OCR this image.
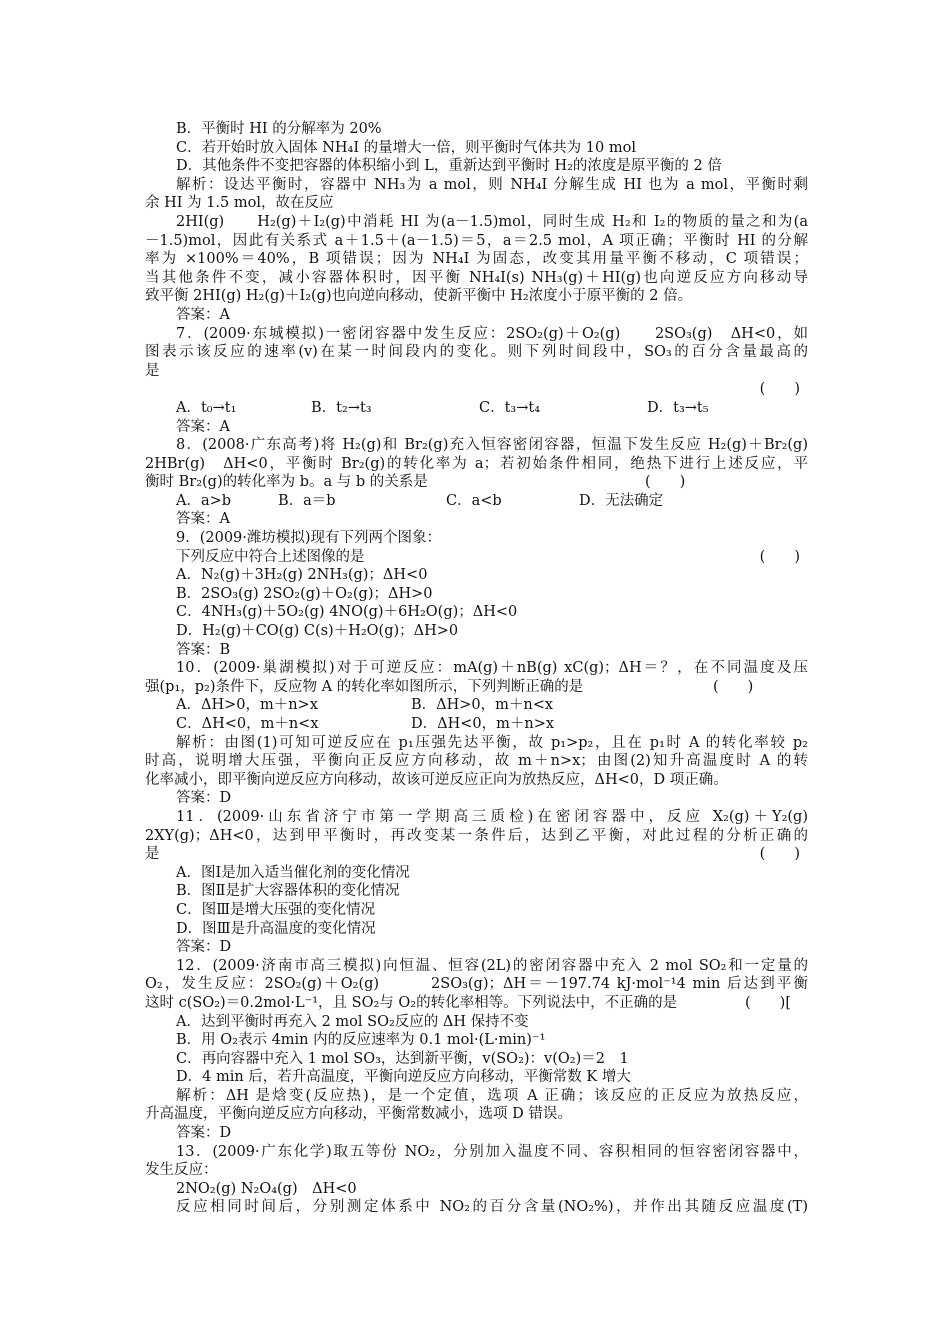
B．平衡时 HI 的分解率为 20%
C．若开始时放入固体 NH₄I 的量增大一倍，则平衡时气体共为 10 mol
D．其他条件不变把容器的体积缩小到 L，重新达到平衡时 H₂的浓度是原平衡的 2 倍
解析：设达平衡时，容器中 NH₃为 a mol，则 NH₄I 分解生成 HI 也为 a mol，平衡时剩
余 HI 为 1.5 mol，故在反应
2HI(g)　　H₂(g)＋I₂(g)中消耗 HI 为(a－1.5)mol，同时生成 H₂和 I₂的物质的量之和为(a
－1.5)mol，因此有关系式 a＋1.5＋(a－1.5)＝5，a＝2.5 mol，A 项正确；平衡时 HI 的分解
率为 ×100%＝40%，B 项错误；因为 NH₄I 为固态，改变其用量平衡不移动，C 项错误；
当其他条件不变，减小容器体积时，因平衡 NH₄I(s) NH₃(g)＋HI(g)也向逆反应方向移动导
致平衡 2HI(g) H₂(g)＋I₂(g)也向逆向移动，使新平衡中 H₂浓度小于原平衡的 2 倍。
答案：A
7．(2009·东城模拟)一密闭容器中发生反应：2SO₂(g)＋O₂(g)　　2SO₃(g)　ΔH<0，如
图表示该反应的速率(v)在某一时间段内的变化。则下列时间段中，SO₃的百分含量最高的
是
(　　)
A．t₀→t₁	B．t₂→t₃	C．t₃→t₄	D．t₃→t₅
答案：A
8．(2008·广东高考)将 H₂(g)和 Br₂(g)充入恒容密闭容器，恒温下发生反应 H₂(g)＋Br₂(g)
2HBr(g)　ΔH<0，平衡时 Br₂(g)的转化率为 a；若初始条件相同，绝热下进行上述反应，平
衡时 Br₂(g)的转化率为 b。a 与 b 的关系是	(　　)
A．a>b	B．a＝b	C．a<b	D．无法确定
答案：A
9．(2009·潍坊模拟)现有下列两个图象：
下列反应中符合上述图像的是	(　　)
A．N₂(g)＋3H₂(g) 2NH₃(g)；ΔH<0
B．2SO₃(g) 2SO₂(g)＋O₂(g)；ΔH>0
C．4NH₃(g)＋5O₂(g) 4NO(g)＋6H₂O(g)；ΔH<0
D．H₂(g)＋CO(g) C(s)＋H₂O(g)；ΔH>0
答案：B
10．(2009·巢湖模拟)对于可逆反应：mA(g)＋nB(g) xC(g)；ΔH＝？，在不同温度及压
强(p₁，p₂)条件下，反应物 A 的转化率如图所示，下列判断正确的是	(　　)
A．ΔH>0，m＋n>x	B．ΔH>0，m＋n<x
C．ΔH<0，m＋n<x	D．ΔH<0，m＋n>x
解析：由图(1)可知可逆反应在 p₁压强先达平衡，故 p₁>p₂，且在 p₁时 A 的转化率较 p₂
时高，说明增大压强，平衡向正反应方向移动，故 m＋n>x；由图(2)知升高温度时 A 的转
化率减小，即平衡向逆反应方向移动，故该可逆反应正向为放热反应，ΔH<0，D 项正确。
答案：D
11．(2009·山东省济宁市第一学期高三质检)在密闭容器中，反应 X₂(g)＋Y₂(g)
2XY(g)；ΔH<0，达到甲平衡时，再改变某一条件后，达到乙平衡，对此过程的分析正确的
是	(　　)
A．图Ⅰ是加入适当催化剂的变化情况
B．图Ⅱ是扩大容器体积的变化情况
C．图Ⅲ是增大压强的变化情况
D．图Ⅲ是升高温度的变化情况
答案：D
12．(2009·济南市高三模拟)向恒温、恒容(2L)的密闭容器中充入 2 mol SO₂和一定量的
O₂，发生反应：2SO₂(g)＋O₂(g)　　　2SO₃(g)；ΔH＝－197.74 kJ·mol⁻¹4 min 后达到平衡
这时 c(SO₂)＝0.2mol·L⁻¹，且 SO₂与 O₂的转化率相等。下列说法中，不正确的是	(　　)[
A．达到平衡时再充入 2 mol SO₂反应的 ΔH 保持不变
B．用 O₂表示 4min 内的反应速率为 0.1 mol·(L·min)⁻¹
C．再向容器中充入 1 mol SO₃，达到新平衡，v(SO₂)：v(O₂)＝2　1
D．4 min 后，若升高温度，平衡向逆反应方向移动，平衡常数 K 增大
解析：ΔH 是焓变(反应热)，是一个定值，选项 A 正确；该反应的正反应为放热反应，
升高温度，平衡向逆反应方向移动，平衡常数减小，选项 D 错误。
答案：D
13．(2009·广东化学)取五等份 NO₂，分别加入温度不同、容积相同的恒容密闭容器中，
发生反应：
2NO₂(g) N₂O₄(g)　ΔH<0
反应相同时间后，分别测定体系中 NO₂的百分含量(NO₂%)，并作出其随反应温度(T)
